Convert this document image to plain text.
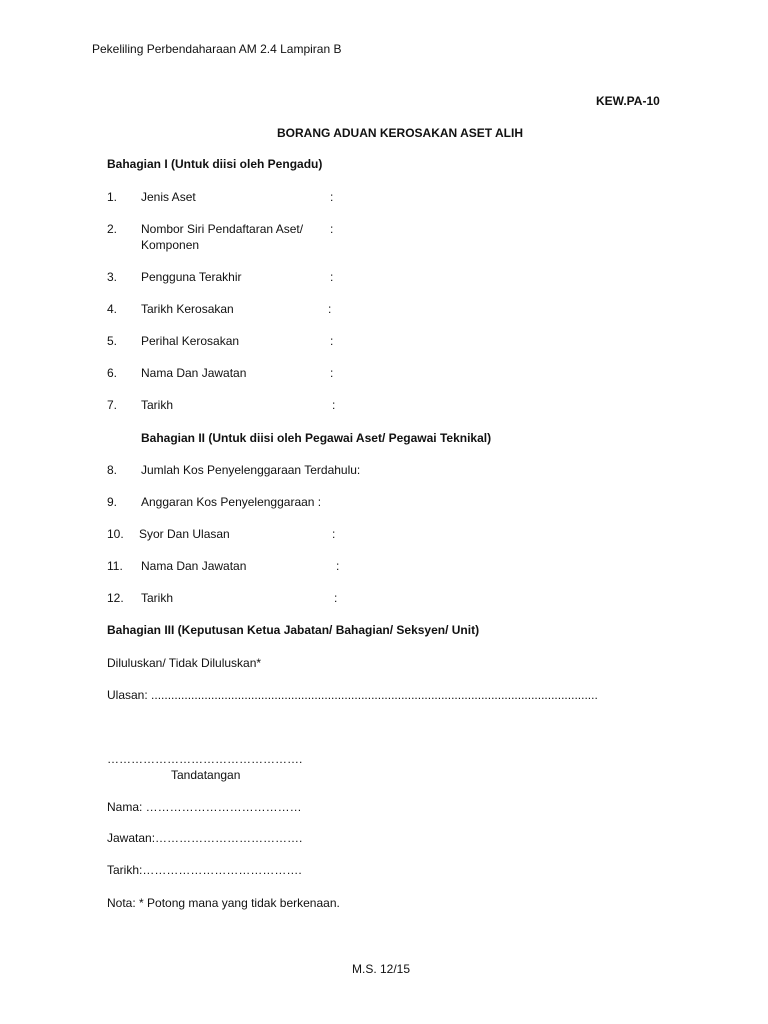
Pekeliling Perbendaharaan AM 2.4 Lampiran B
KEW.PA-10
BORANG ADUAN KEROSAKAN ASET ALIH
Bahagian I (Untuk diisi oleh Pengadu)
1. Jenis Aset	:
2. Nombor Siri Pendaftaran Aset/
Komponen
:
3. Pengguna Terakhir	:
4. Tarikh Kerosakan	:
5. Perihal Kerosakan	:
6. Nama Dan Jawatan	:
7. Tarikh	:
Bahagian II (Untuk diisi oleh Pegawai Aset/ Pegawai Teknikal)
8. Jumlah Kos Penyelenggaraan Terdahulu:
9. Anggaran Kos Penyelenggaraan :
10. Syor Dan Ulasan	:
11. Nama Dan Jawatan	:
12. Tarikh	:
Bahagian III (Keputusan Ketua Jabatan/ Bahagian/ Seksyen/ Unit)
Diluluskan/ Tidak Diluluskan*
Ulasan: ......................................................................................................................................
………………………………………….
Tandatangan
Nama: …………………………………
Jawatan:……………………………….
Tarikh:………………………………….
Nota: * Potong mana yang tidak berkenaan.
M.S. 12/15
